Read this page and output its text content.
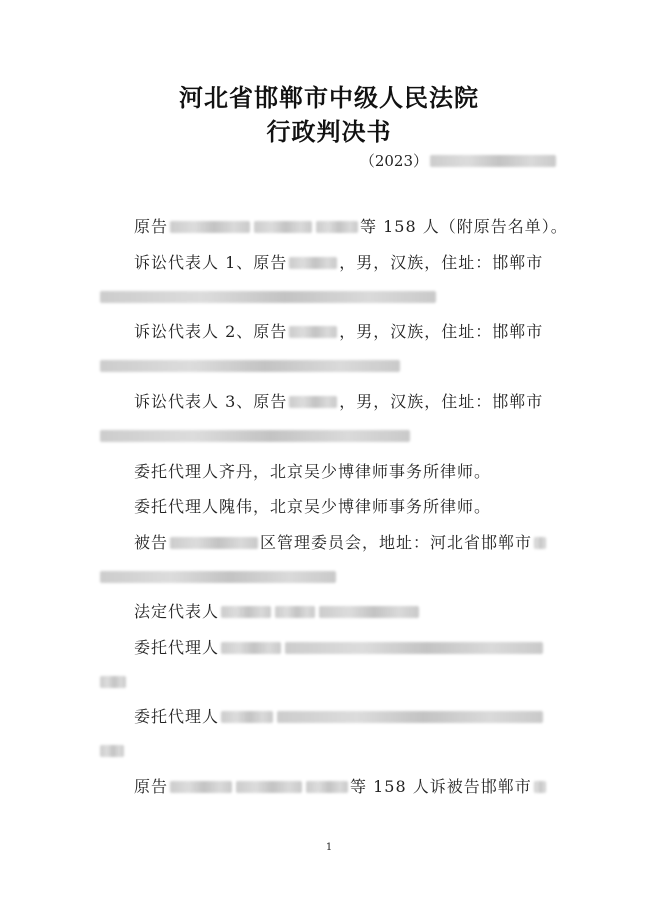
河北省邯郸市中级人民法院
行政判决书
（2023）
原告	等 158 人（附原告名单）。
诉讼代表人 1、原告	，男，汉族，住址：邯郸市
诉讼代表人 2、原告	，男，汉族，住址：邯郸市
诉讼代表人 3、原告	，男，汉族，住址：邯郸市
委托代理人齐丹，北京吴少博律师事务所律师。
委托代理人隗伟，北京吴少博律师事务所律师。
被告	区管理委员会，地址：河北省邯郸市
法定代表人
委托代理人
委托代理人
原告	等 158 人诉被告邯郸市
1
